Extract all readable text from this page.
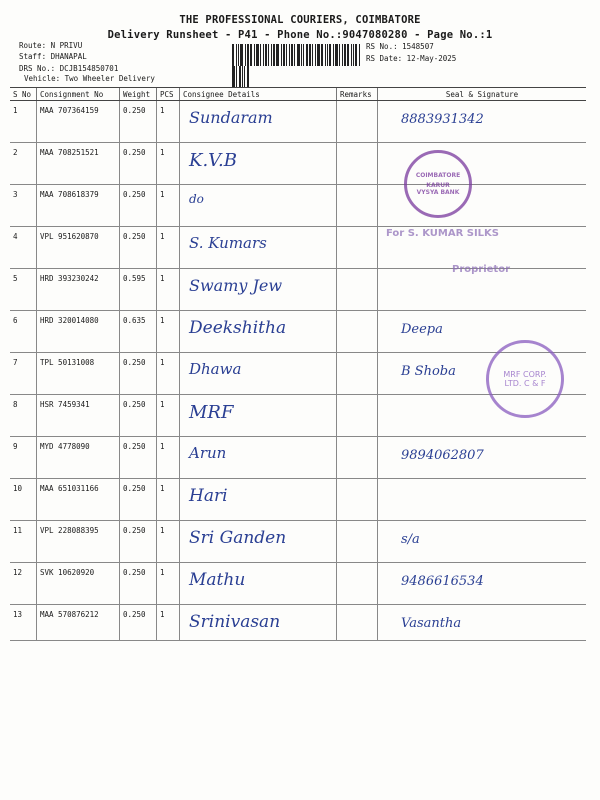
THE PROFESSIONAL COURIERS, COIMBATORE
Delivery Runsheet - P41 - Phone No.:9047080280 - Page No.:1
Route: N PRIVU
Staff: DHANAPAL
DRS No.: DCJB154850701
Vehicle: Two Wheeler Delivery
RS No.: 1548507
RS Date: 12-May-2025
S No	Consignment No	Weight	PCS	Consignee Details	Remarks	Seal & Signature
1	MAA 707364159	0.250	1	Sundaram		8883931342
2	MAA 708251521	0.250	1	K.V.B		
3	MAA 708618379	0.250	1	do		
4	VPL 951620870	0.250	1	S. Kumars		
5	HRD 393230242	0.595	1	Swamy Jew		
6	HRD 320014080	0.635	1	Deekshitha		Deepa
7	TPL 50131008	0.250	1	Dhawa		B Shoba
8	HSR 7459341	0.250	1	MRF		
9	MYD 4778090	0.250	1	Arun		9894062807
10	MAA 651031166	0.250	1	Hari		
11	VPL 228088395	0.250	1	Sri Ganden		s/a
12	SVK 10620920	0.250	1	Mathu		9486616534
13	MAA 570876212	0.250	1	Srinivasan		Vasantha
COIMBATORE
KARUR VYSYA BANK
For S. KUMAR SILKS
Proprietor
MRF CORP. LTD. C & F
